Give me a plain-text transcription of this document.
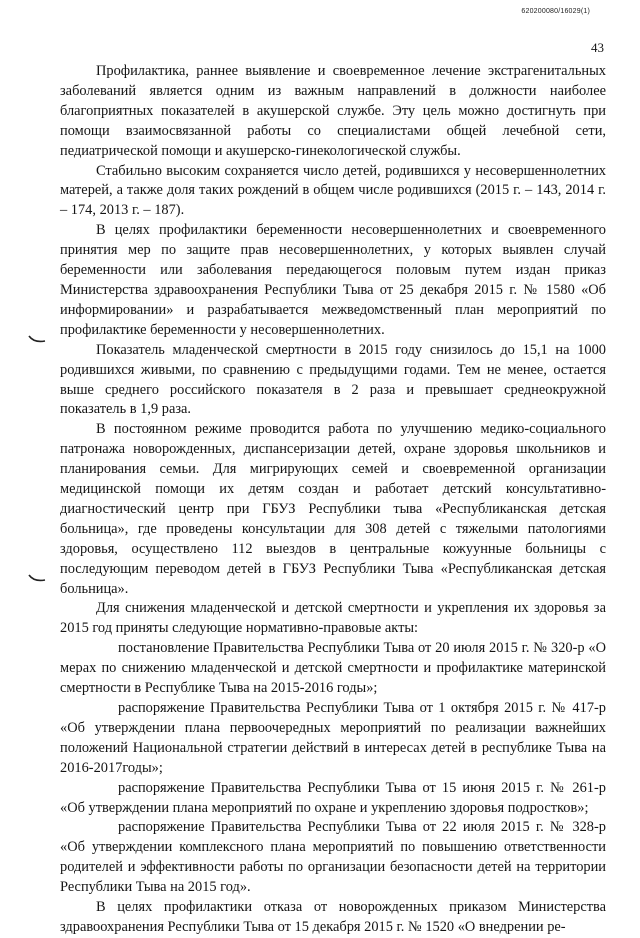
620200080/16029(1)
43

Профилактика, раннее выявление и своевременное лечение экстрагенитальных заболеваний является одним из важным направлений в должности наиболее благоприятных показателей в акушерской службе. Эту цель можно достигнуть при помощи взаимосвязанной работы со специалистами общей лечебной сети, педиатрической помощи и акушерско-гинекологической службы.

Стабильно высоким сохраняется число детей, родившихся у несовершеннолетних матерей, а также доля таких рождений в общем числе родившихся (2015 г. – 143, 2014 г. – 174, 2013 г. – 187).

В целях профилактики беременности несовершеннолетних и своевременного принятия мер по защите прав несовершеннолетних, у которых выявлен случай беременности или заболевания передающегося половым путем издан приказ Министерства здравоохранения Республики Тыва от 25 декабря 2015 г. № 1580 «Об информировании» и разрабатывается межведомственный план мероприятий по профилактике беременности у несовершеннолетних.

Показатель младенческой смертности в 2015 году снизилось до 15,1 на 1000 родившихся живыми, по сравнению с предыдущими годами. Тем не менее, остается выше среднего российского показателя в 2 раза и превышает среднеокружной показатель в 1,9 раза.

В постоянном режиме проводится работа по улучшению медико-социального патронажа новорожденных, диспансеризации детей, охране здоровья школьников и планирования семьи. Для мигрирующих семей и своевременной организации медицинской помощи их детям создан и работает детский консультативно-диагностический центр при ГБУЗ Республики тыва «Республиканская детская больница», где проведены консультации для 308 детей с тяжелыми патологиями здоровья, осуществлено 112 выездов в центральные кожуунные больницы с последующим переводом детей в ГБУЗ Республики Тыва «Республиканская детская больница».

Для снижения младенческой и детской смертности и укрепления их здоровья за 2015 год приняты следующие нормативно-правовые акты:

постановление Правительства Республики Тыва от 20 июля 2015 г. № 320-р «О мерах по снижению младенческой и детской смертности и профилактике материнской смертности в Республике Тыва на 2015-2016 годы»;

распоряжение Правительства Республики Тыва от 1 октября 2015 г. № 417-р «Об утверждении плана первоочередных мероприятий по реализации важнейших положений Национальной стратегии действий в интересах детей в республике Тыва на 2016-2017годы»;

распоряжение Правительства Республики Тыва от 15 июня 2015 г. № 261-р «Об утверждении плана мероприятий по охране и укреплению здоровья подростков»;

распоряжение Правительства Республики Тыва от 22 июля 2015 г. № 328-р «Об утверждении комплексного плана мероприятий по повышению ответственности родителей и эффективности работы по организации безопасности детей на территории Республики Тыва на 2015 год».

В целях профилактики отказа от новорожденных приказом Министерства здравоохранения Республики Тыва от 15 декабря 2015 г. № 1520 «О внедрении ре-
